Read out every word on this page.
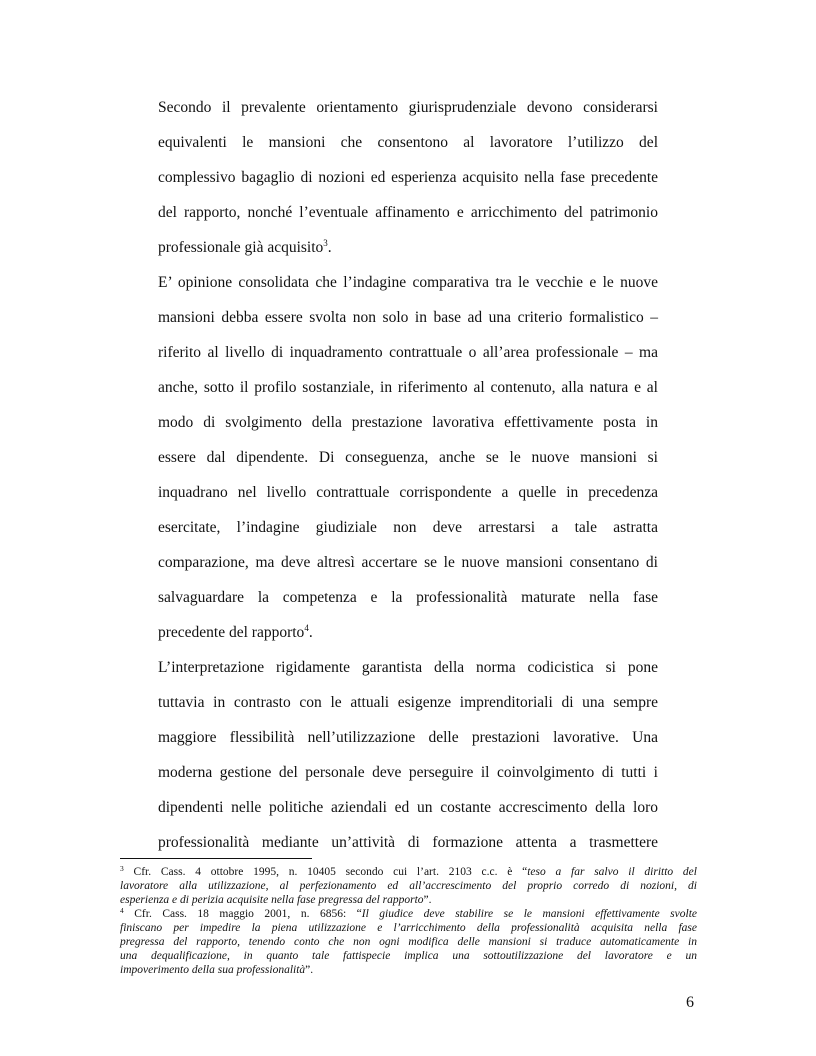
Secondo il prevalente orientamento giurisprudenziale devono considerarsi
equivalenti le mansioni che consentono al lavoratore l’utilizzo del
complessivo bagaglio di nozioni ed esperienza acquisito nella fase precedente
del rapporto, nonché l’eventuale affinamento e arricchimento del patrimonio
professionale già acquisito$^3$.
E’ opinione consolidata che l’indagine comparativa tra le vecchie e le nuove
mansioni debba essere svolta non solo in base ad una criterio formalistico –
riferito al livello di inquadramento contrattuale o all’area professionale – ma
anche, sotto il profilo sostanziale, in riferimento al contenuto, alla natura e al
modo di svolgimento della prestazione lavorativa effettivamente posta in
essere dal dipendente. Di conseguenza, anche se le nuove mansioni si
inquadrano nel livello contrattuale corrispondente a quelle in precedenza
esercitate, l’indagine giudiziale non deve arrestarsi a tale astratta
comparazione, ma deve altresì accertare se le nuove mansioni consentano di
salvaguardare la competenza e la professionalità maturate nella fase
precedente del rapporto$^4$.
L’interpretazione rigidamente garantista della norma codicistica si pone
tuttavia in contrasto con le attuali esigenze imprenditoriali di una sempre
maggiore flessibilità nell’utilizzazione delle prestazioni lavorative. Una
moderna gestione del personale deve perseguire il coinvolgimento di tutti i
dipendenti nelle politiche aziendali ed un costante accrescimento della loro
professionalità mediante un’attività di formazione attenta a trasmettere
$^3$ Cfr. Cass. 4 ottobre 1995, n. 10405 secondo cui l’art. 2103 c.c. è “teso a far salvo il diritto del
lavoratore alla utilizzazione, al perfezionamento ed all’accrescimento del proprio corredo di nozioni, di
esperienza e di perizia acquisite nella fase pregressa del rapporto”.
$^4$ Cfr. Cass. 18 maggio 2001, n. 6856: “Il giudice deve stabilire se le mansioni effettivamente svolte
finiscano per impedire la piena utilizzazione e l’arricchimento della professionalità acquisita nella fase
pregressa del rapporto, tenendo conto che non ogni modifica delle mansioni si traduce automaticamente in
una dequalificazione, in quanto tale fattispecie implica una sottoutilizzazione del lavoratore e un
impoverimento della sua professionalità”.
6
